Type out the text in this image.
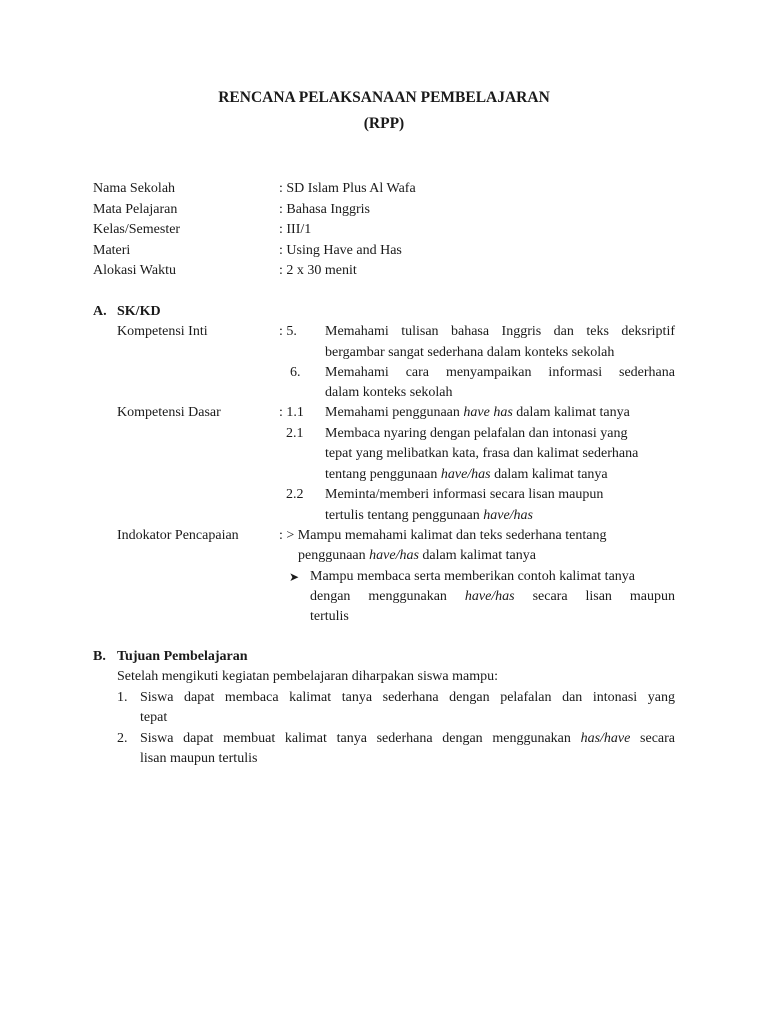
RENCANA PELAKSANAAN PEMBELAJARAN
(RPP)
Nama Sekolah	: SD Islam Plus Al Wafa
Mata Pelajaran	: Bahasa Inggris
Kelas/Semester	: III/1
Materi	: Using Have and Has
Alokasi Waktu	: 2 x 30 menit
A. SK/KD
Kompetensi Inti	: 5. Memahami tulisan bahasa Inggris dan teks deksriptif
bergambar sangat sederhana dalam konteks sekolah
6. Memahami cara menyampaikan informasi sederhana
dalam konteks sekolah
Kompetensi Dasar	: 1.1 Memahami penggunaan have has dalam kalimat tanya
2.1 Membaca nyaring dengan pelafalan dan intonasi yang
tepat yang melibatkan kata, frasa dan kalimat sederhana
tentang penggunaan have/has dalam kalimat tanya
2.2 Meminta/memberi informasi secara lisan maupun
tertulis tentang penggunaan have/has
Indokator Pencapaian	: > Mampu memahami kalimat dan teks sederhana tentang
penggunaan have/has dalam kalimat tanya
➤ Mampu membaca serta memberikan contoh kalimat tanya
dengan menggunakan have/has secara lisan maupun
tertulis
B. Tujuan Pembelajaran
Setelah mengikuti kegiatan pembelajaran diharpakan siswa mampu:
1. Siswa dapat membaca kalimat tanya sederhana dengan pelafalan dan intonasi yang
tepat
2. Siswa dapat membuat kalimat tanya sederhana dengan menggunakan has/have secara
lisan maupun tertulis
